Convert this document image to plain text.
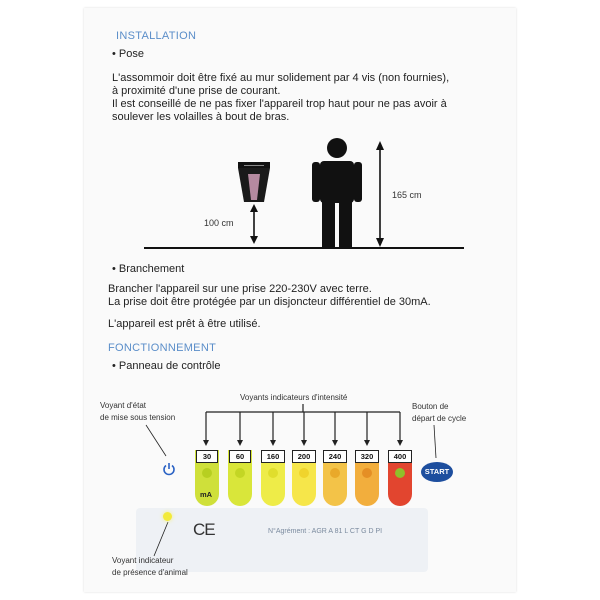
INSTALLATION
• Pose
L'assommoir doit être fixé au mur solidement par 4 vis (non fournies),
à proximité d'une prise de courant.
Il est conseillé de ne pas fixer l'appareil trop haut pour ne pas avoir à
soulever les volailles à bout de bras.
100 cm
165 cm
• Branchement
Brancher l'appareil sur une prise 220-230V avec terre.
La prise doit être protégée par un disjoncteur différentiel de 30mA.
L'appareil est prêt à être utilisé.
FONCTIONNEMENT
• Panneau de contrôle
Voyant d'état
de mise sous tension
Voyants indicateurs d'intensité
Bouton de
départ de cycle
Voyant indicateur
de présence d'animal
30	60	160	200	240	320	400
mA
START
CE	N°Agrément : AGR A 81 L CT G D PI
